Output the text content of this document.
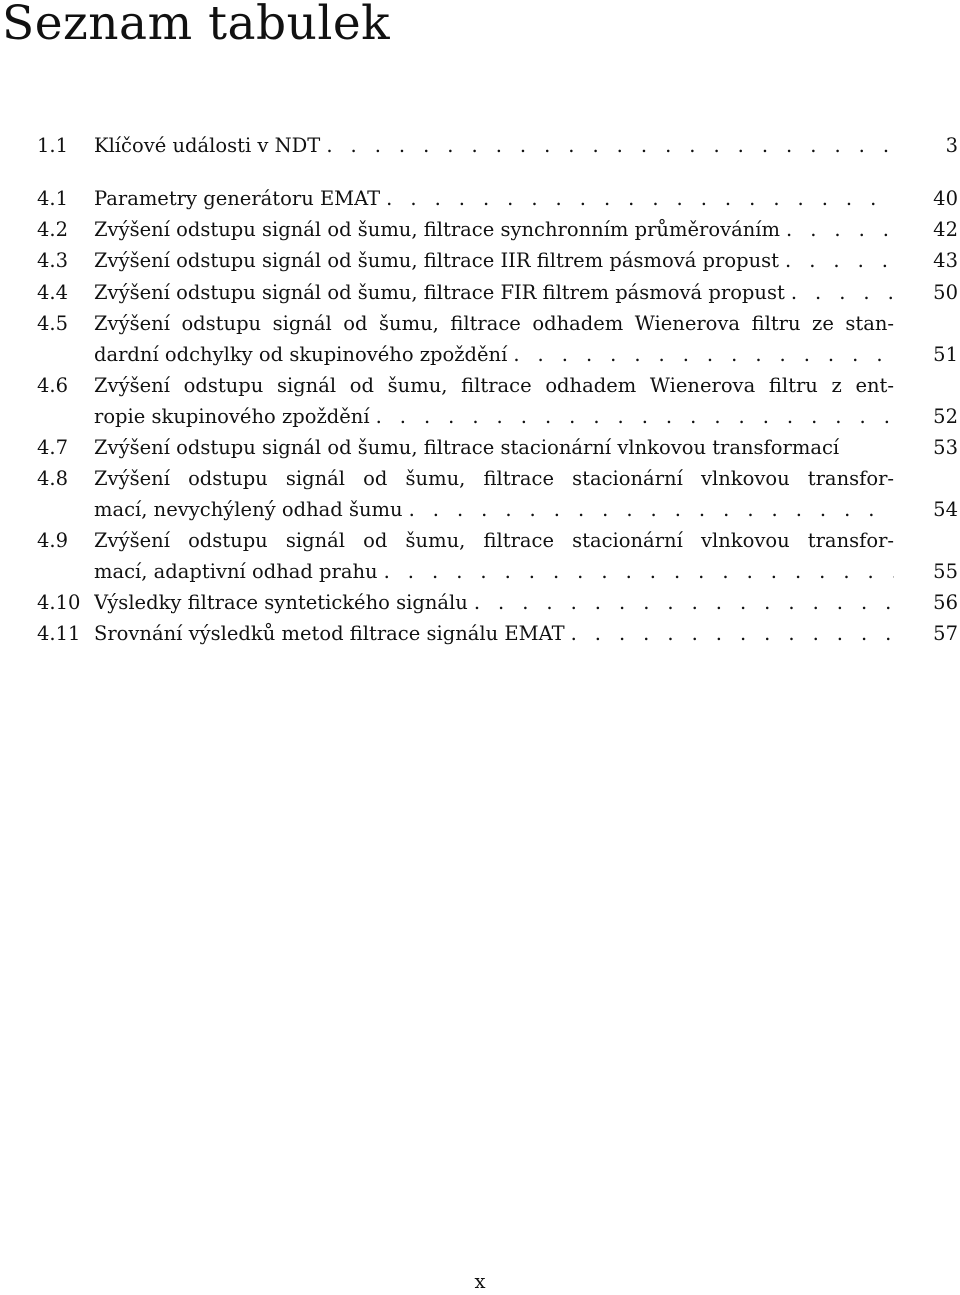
Seznam tabulek
1.1 Klíčové události v NDT . . .	3
4.1 Parametry generátoru EMAT . . .	40
4.2 Zvýšení odstupu signál od šumu, filtrace synchronním průměrováním . . .	42
4.3 Zvýšení odstupu signál od šumu, filtrace IIR filtrem pásmová propust . . .	43
4.4 Zvýšení odstupu signál od šumu, filtrace FIR filtrem pásmová propust . . .	50
4.5 Zvýšení odstupu signál od šumu, filtrace odhadem Wienerova filtru ze stan-
dardní odchylky od skupinového zpoždění . . .	51
4.6 Zvýšení odstupu signál od šumu, filtrace odhadem Wienerova filtru z ent-
ropie skupinového zpoždění . . .	52
4.7 Zvýšení odstupu signál od šumu, filtrace stacionární vlnkovou transformací	53
4.8 Zvýšení odstupu signál od šumu, filtrace stacionární vlnkovou transfor-
mací, nevychýlený odhad šumu . . .	54
4.9 Zvýšení odstupu signál od šumu, filtrace stacionární vlnkovou transfor-
mací, adaptivní odhad prahu . . .	55
4.10 Výsledky filtrace syntetického signálu . . .	56
4.11 Srovnání výsledků metod filtrace signálu EMAT . . .	57
x
